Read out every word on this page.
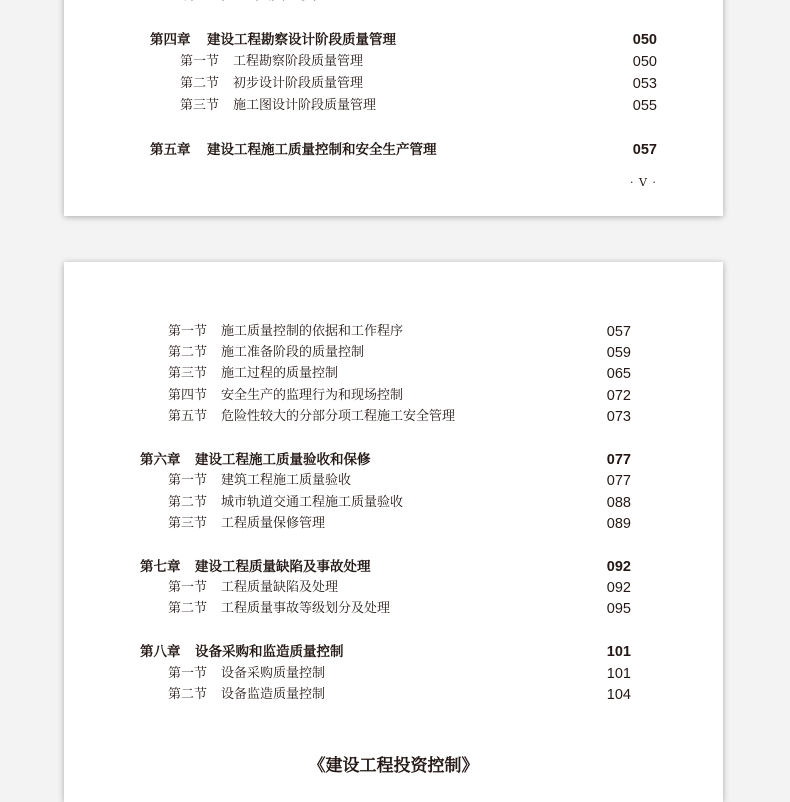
第四章 建设工程勘察设计阶段质量管理	050
第一节 工程勘察阶段质量管理	050
第二节 初步设计阶段质量管理	053
第三节 施工图设计阶段质量管理	055
第五章 建设工程施工质量控制和安全生产管理	057
· V ·
第一节 施工质量控制的依据和工作程序	057
第二节 施工准备阶段的质量控制	059
第三节 施工过程的质量控制	065
第四节 安全生产的监理行为和现场控制	072
第五节 危险性较大的分部分项工程施工安全管理	073
第六章 建设工程施工质量验收和保修	077
第一节 建筑工程施工质量验收	077
第二节 城市轨道交通工程施工质量验收	088
第三节 工程质量保修管理	089
第七章 建设工程质量缺陷及事故处理	092
第一节 工程质量缺陷及处理	092
第二节 工程质量事故等级划分及处理	095
第八章 设备采购和监造质量控制	101
第一节 设备采购质量控制	101
第二节 设备监造质量控制	104
《建设工程投资控制》
